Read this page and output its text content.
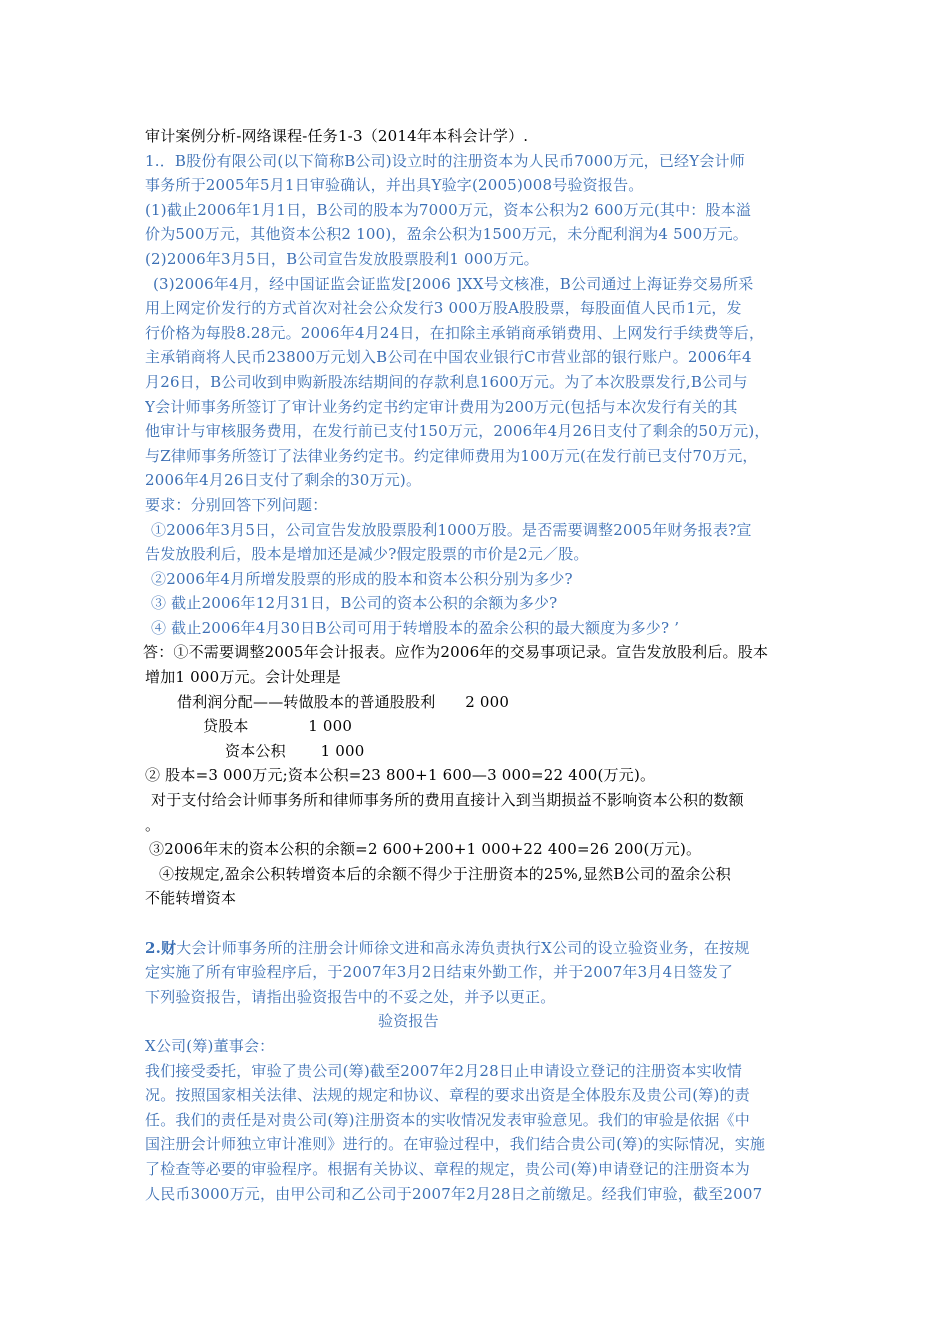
审计案例分析-网络课程-任务1-3（2014年本科会计学）.
1.．B股份有限公司(以下简称B公司)设立时的注册资本为人民币7000万元，已经Y会计师
事务所于2005年5月1日审验确认，并出具Y验字(2005)008号验资报告。
(1)截止2006年1月1日，B公司的股本为7000万元，资本公积为2 600万元(其中：股本溢
价为500万元，其他资本公积2 100)，盈余公积为1500万元，未分配利润为4 500万元。
(2)2006年3月5日，B公司宣告发放股票股利1 000万元。
(3)2006年4月，经中国证监会证监发[2006 ]XX号文核准，B公司通过上海证券交易所采
用上网定价发行的方式首次对社会公众发行3 000万股A股股票，每股面值人民币1元，发
行价格为每股8.28元。2006年4月24日，在扣除主承销商承销费用、上网发行手续费等后，
主承销商将人民币23800万元划入B公司在中国农业银行C市营业部的银行账户。2006年4
月26日，B公司收到申购新股冻结期间的存款利息1600万元。为了本次股票发行,B公司与
Y会计师事务所签订了审计业务约定书约定审计费用为200万元(包括与本次发行有关的其
他审计与审核服务费用，在发行前已支付150万元，2006年4月26日支付了剩余的50万元)，
与Z律师事务所签订了法律业务约定书。约定律师费用为100万元(在发行前已支付70万元，
2006年4月26日支付了剩余的30万元)。
要求：分别回答下列问题：
①2006年3月5日，公司宣告发放股票股利1000万股。是否需要调整2005年财务报表?宣
告发放股利后，股本是增加还是减少?假定股票的市价是2元／股。
②2006年4月所增发股票的形成的股本和资本公积分别为多少?
③ 截止2006年12月31日，B公司的资本公积的余额为多少?
④ 截止2006年4月30日B公司可用于转增股本的盈余公积的最大额度为多少? ’
答：①不需要调整2005年会计报表。应作为2006年的交易事项记录。宣告发放股利后。股本
增加1 000万元。会计处理是
借利润分配——转做股本的普通股股利      2 000
贷股本            1 000
资本公积       1 000
② 股本=3 000万元;资本公积=23 800+1 600—3 000=22 400(万元)。
对于支付给会计师事务所和律师事务所的费用直接计入到当期损益不影响资本公积的数额
。
③2006年末的资本公积的余额=2 600+200+1 000+22 400=26 200(万元)。
④按规定,盈余公积转增资本后的余额不得少于注册资本的25%,显然B公司的盈余公积
不能转增资本
2.财大会计师事务所的注册会计师徐文进和高永涛负责执行X公司的设立验资业务，在按规
定实施了所有审验程序后，于2007年3月2日结束外勤工作，并于2007年3月4日签发了
下列验资报告，请指出验资报告中的不妥之处，并予以更正。
验资报告
X公司(筹)董事会：
我们接受委托，审验了贵公司(筹)截至2007年2月28日止申请设立登记的注册资本实收情
况。按照国家相关法律、法规的规定和协议、章程的要求出资是全体股东及贵公司(筹)的责
任。我们的责任是对贵公司(筹)注册资本的实收情况发表审验意见。我们的审验是依据《中
国注册会计师独立审计准则》进行的。在审验过程中，我们结合贵公司(筹)的实际情况，实施
了检查等必要的审验程序。根据有关协议、章程的规定，贵公司(筹)申请登记的注册资本为
人民币3000万元，由甲公司和乙公司于2007年2月28日之前缴足。经我们审验，截至2007
